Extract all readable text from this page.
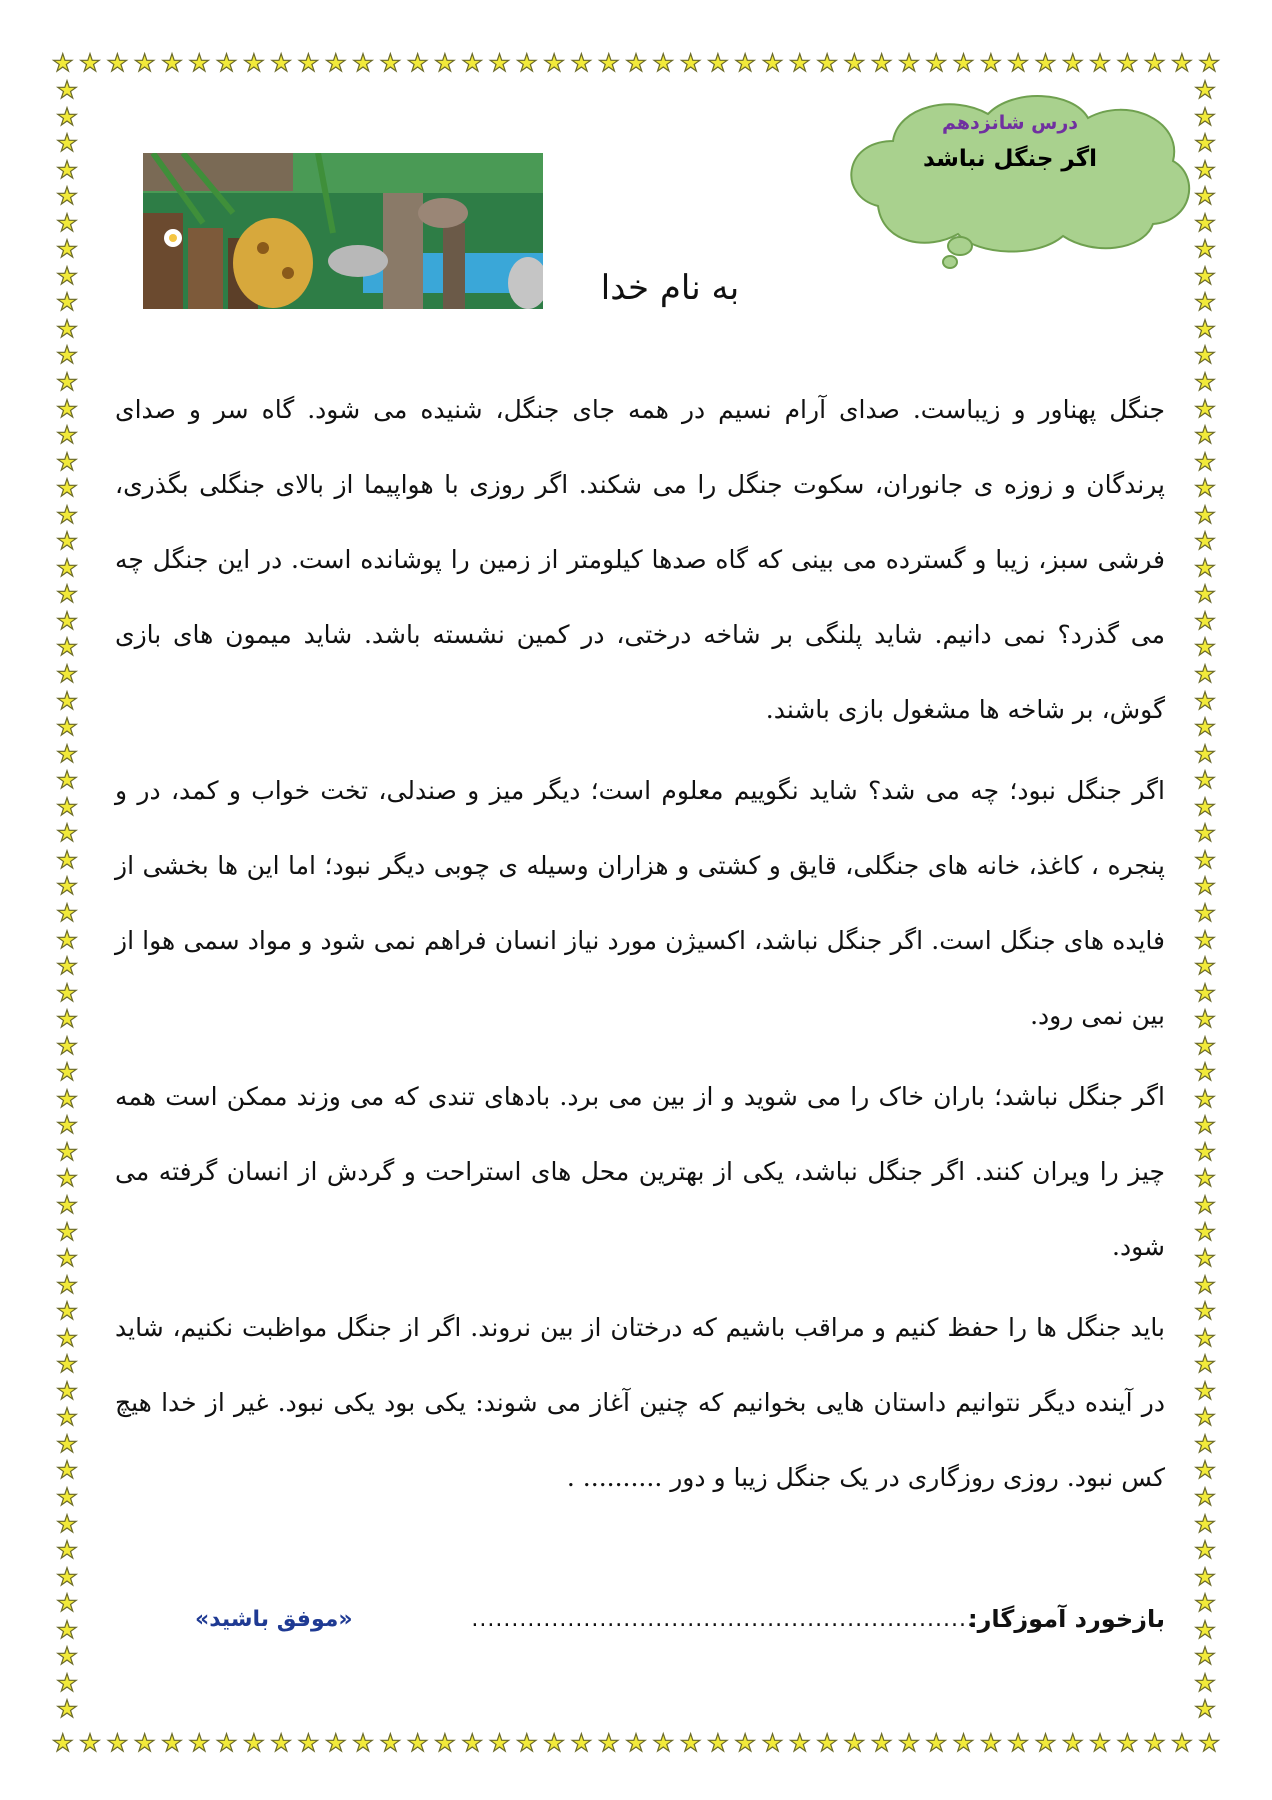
★ ★ ★ ★ ★ ★ ★ ★ ★ ★ ★ ★ ★ ★ ★ ★ ★ ★ ★ ★ ★ ★ ★ ★ ★ ★ ★ ★ ★ ★ ★ ★ ★ ★ ★ ★ ★ ★ ★ ★ ★ ★ ★
★ ★ ★ ★ ★ ★ ★ ★ ★ ★ ★ ★ ★ ★ ★ ★ ★ ★ ★ ★ ★ ★ ★ ★ ★ ★ ★ ★ ★ ★ ★ ★ ★ ★ ★ ★ ★ ★ ★ ★ ★ ★ ★
★
★
★
★
★
★
★
★
★
★
★
★
★
★
★
★
★
★
★
★
★
★
★
★
★
★
★
★
★
★
★
★
★
★
★
★
★
★
★
★
★
★
★
★
★
★
★
★
★
★
★
★
★
★
★
★
★
★
★
★
★
★
★
★
★
★
★
★
★
★
★
★
★
★
★
★
★
★
★
★
★
★
★
★
★
★
★
★
★
★
★
★
★
★
★
★
★
★
★
★
★
★
★
★
★
★
★
★
★
★
★
★
★
★
★
★
★
★
★
★
★
★
★
★
درس شانزدهم
اگر جنگل نباشد
به نام خدا

جنگل پهناور و زیباست. صدای آرام نسیم در همه جای جنگل، شنیده می شود. گاه سر و صدای پرندگان و زوزه ی جانوران، سکوت جنگل را می شکند. اگر روزی با هواپیما از بالای جنگلی بگذری، فرشی سبز، زیبا و گسترده می بینی که گاه صدها کیلومتر از زمین را پوشانده است. در این جنگل چه می گذرد؟ نمی دانیم. شاید پلنگی بر شاخه درختی، در کمین نشسته باشد. شاید میمون های بازی گوش، بر شاخه ها مشغول بازی باشند.

اگر جنگل نبود؛ چه می شد؟ شاید نگوییم معلوم است؛ دیگر میز و صندلی، تخت خواب و کمد، در و پنجره ، کاغذ، خانه های جنگلی، قایق و کشتی و هزاران وسیله ی چوبی دیگر نبود؛ اما این ها بخشی از فایده های جنگل است. اگر جنگل نباشد، اکسیژن مورد نیاز انسان فراهم نمی شود و مواد سمی هوا از بین نمی رود.

اگر جنگل نباشد؛ باران خاک را می شوید و از بین می برد. بادهای تندی که می وزند ممکن است همه چیز را ویران کنند. اگر جنگل نباشد، یکی از بهترین محل های استراحت و گردش از انسان گرفته می شود.

باید جنگل ها را حفظ کنیم و مراقب باشیم که درختان از بین نروند. اگر از جنگل مواظبت نکنیم، شاید در آینده دیگر نتوانیم داستان هایی بخوانیم که چنین آغاز می شوند: یکی بود یکی نبود. غیر از خدا هیچ کس نبود. روزی روزگاری در یک جنگل زیبا و دور .......... .

بازخورد آموزگار:
...............................................................
«موفق باشید»
